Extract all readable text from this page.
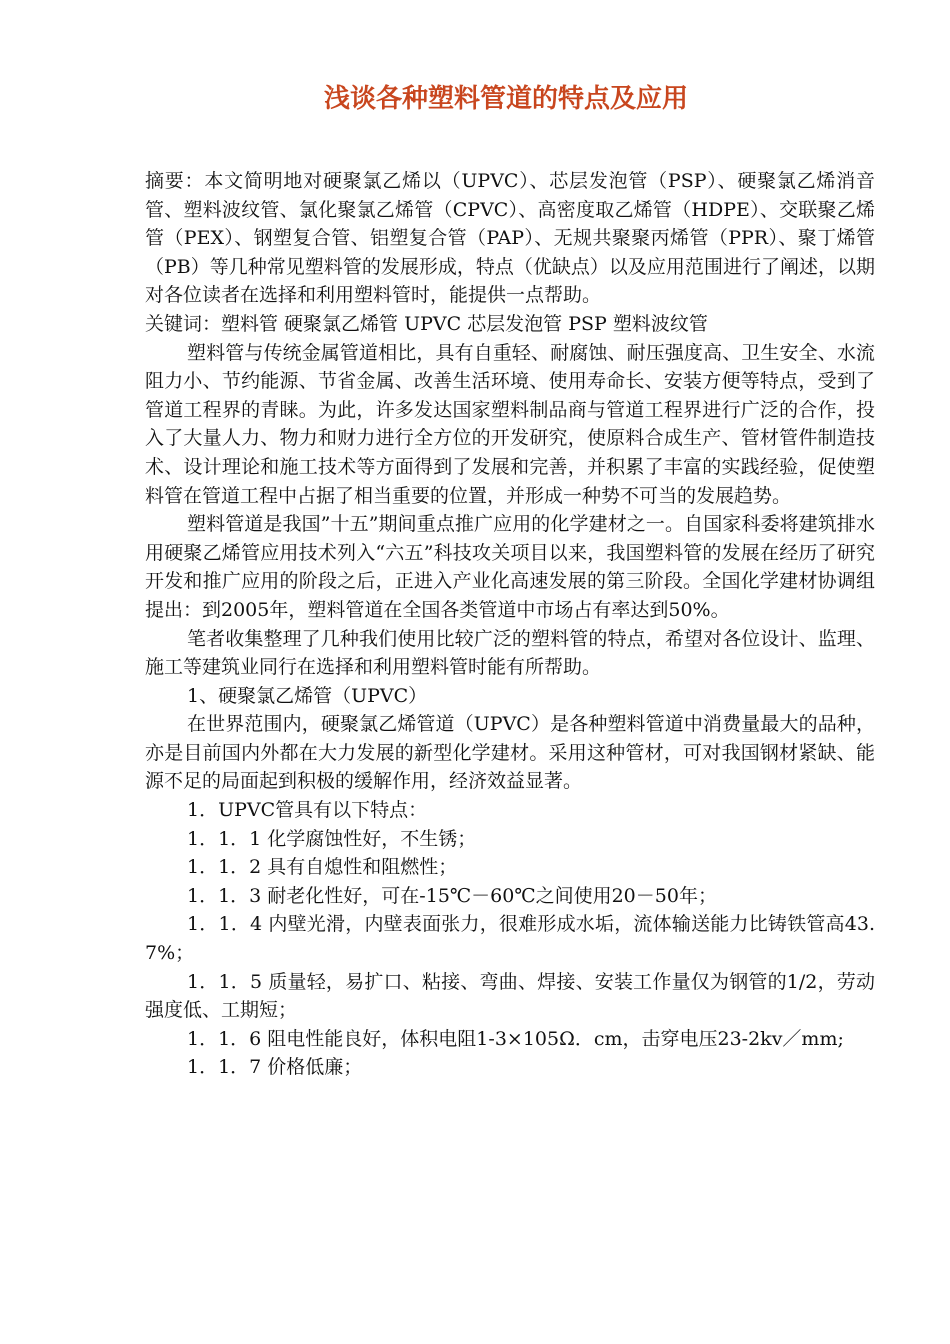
浅谈各种塑料管道的特点及应用

摘要：本文简明地对硬聚氯乙烯以（UPVC）、芯层发泡管（PSP）、硬聚氯乙烯消音管、塑料波纹管、氯化聚氯乙烯管（CPVC）、高密度取乙烯管（HDPE）、交联聚乙烯管（PEX）、钢塑复合管、铝塑复合管（PAP）、无规共聚聚丙烯管（PPR）、聚丁烯管（PB）等几种常见塑料管的发展形成，特点（优缺点）以及应用范围进行了阐述，以期对各位读者在选择和利用塑料管时，能提供一点帮助。

关键词：塑料管 硬聚氯乙烯管 UPVC 芯层发泡管 PSP 塑料波纹管

塑料管与传统金属管道相比，具有自重轻、耐腐蚀、耐压强度高、卫生安全、水流阻力小、节约能源、节省金属、改善生活环境、使用寿命长、安装方便等特点，受到了管道工程界的青睐。为此，许多发达国家塑料制品商与管道工程界进行广泛的合作，投入了大量人力、物力和财力进行全方位的开发研究，使原料合成生产、管材管件制造技术、设计理论和施工技术等方面得到了发展和完善，并积累了丰富的实践经验，促使塑料管在管道工程中占据了相当重要的位置，并形成一种势不可当的发展趋势。

塑料管道是我国”十五”期间重点推广应用的化学建材之一。自国家科委将建筑排水用硬聚乙烯管应用技术列入“六五”科技攻关项目以来，我国塑料管的发展在经历了研究开发和推广应用的阶段之后，正进入产业化高速发展的第三阶段。全国化学建材协调组提出：到2005年，塑料管道在全国各类管道中市场占有率达到50%。

笔者收集整理了几种我们使用比较广泛的塑料管的特点，希望对各位设计、监理、施工等建筑业同行在选择和利用塑料管时能有所帮助。

1、硬聚氯乙烯管（UPVC）

在世界范围内，硬聚氯乙烯管道（UPVC）是各种塑料管道中消费量最大的品种，亦是目前国内外都在大力发展的新型化学建材。采用这种管材，可对我国钢材紧缺、能源不足的局面起到积极的缓解作用，经济效益显著。

1．UPVC管具有以下特点：

1．1．1 化学腐蚀性好，不生锈；

1．1．2 具有自熄性和阻燃性；

1．1．3 耐老化性好，可在-15℃－60℃之间使用20－50年；

1．1．4 内壁光滑，内壁表面张力，很难形成水垢，流体输送能力比铸铁管高43.7%；

1．1．5 质量轻，易扩口、粘接、弯曲、焊接、安装工作量仅为钢管的1/2，劳动强度低、工期短；

1．1．6 阻电性能良好，体积电阻1-3×105Ω．cm，击穿电压23-2kv／mm;

1．1．7 价格低廉；
